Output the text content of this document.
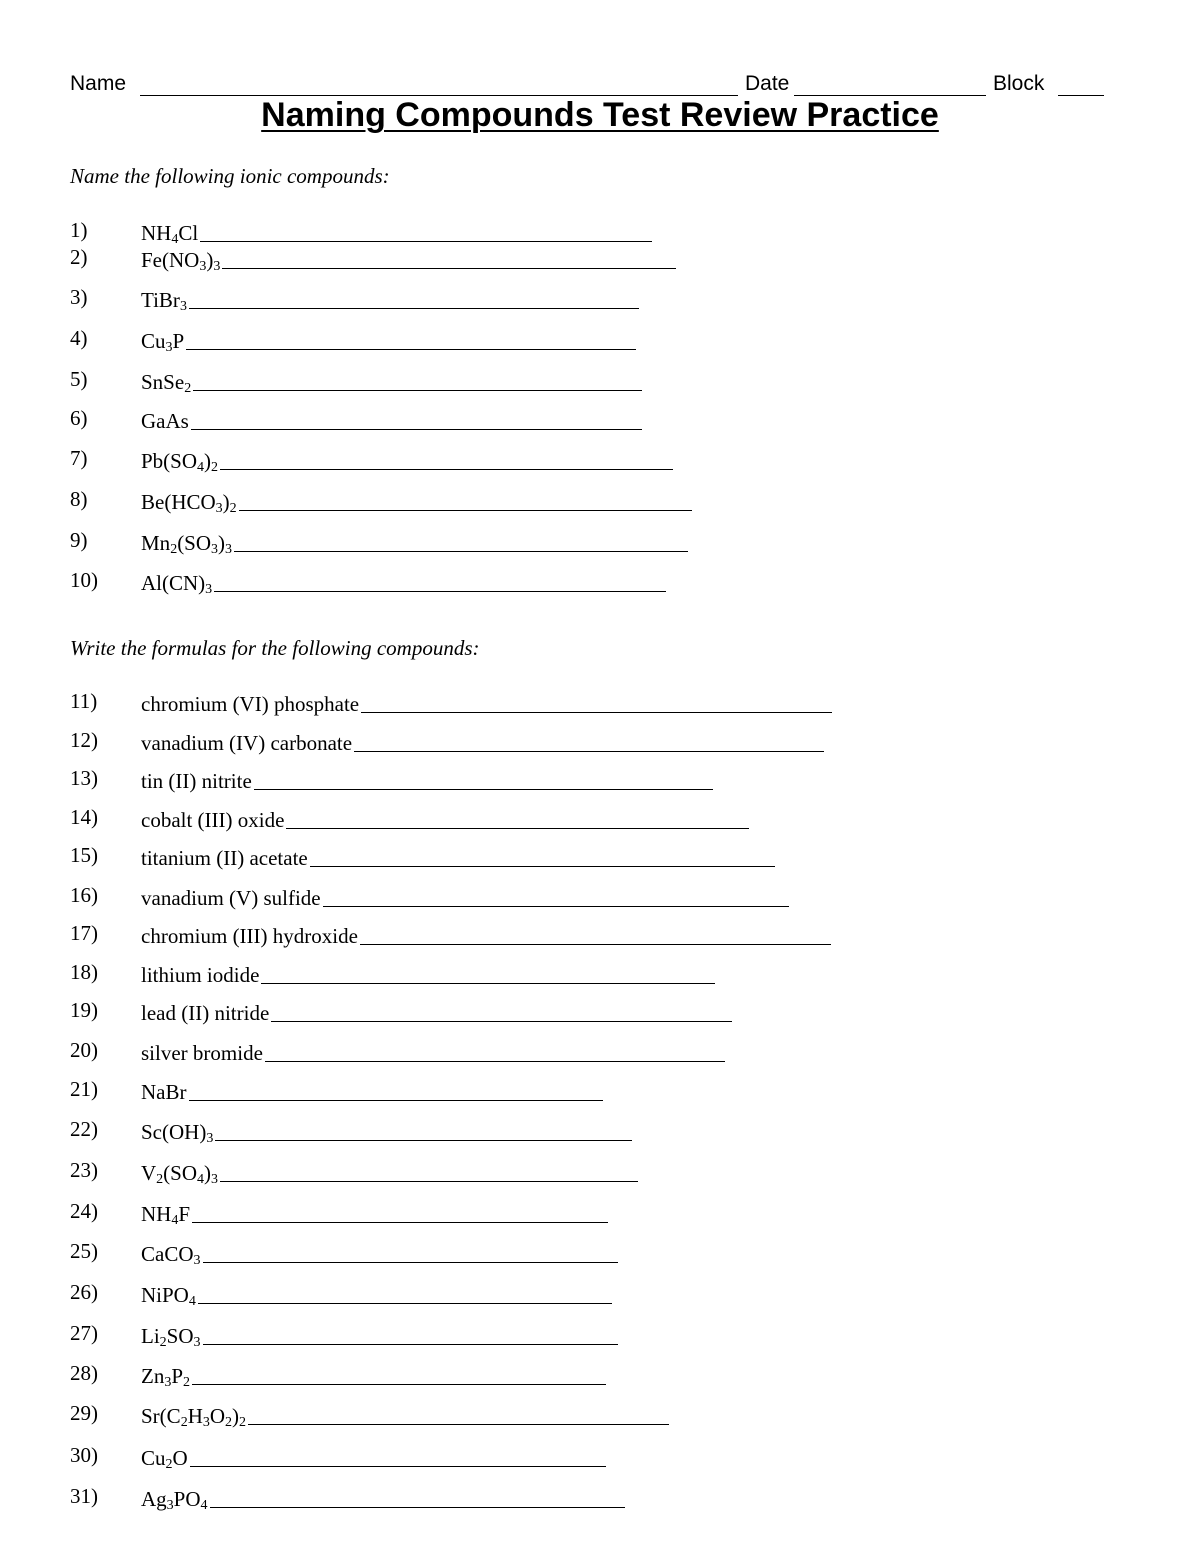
Name	Date	Block
Naming Compounds Test Review Practice
Name the following ionic compounds:
1)	$NH_4Cl$
2)	$Fe(NO_3)_3$
3)	TiBr$_3$
4)	$Cu_3P$
5)	SnSe$_2$
6)	GaAs
7)	$Pb(SO_4)_2$
8)	$Be(HCO_3)_2$
9)	$Mn_2(SO_3)_3$
10) $Al(CN)_3$
Write the formulas for the following compounds:
11) chromium (VI) phosphate
12) vanadium (IV) carbonate
13) tin (II) nitrite
14) cobalt (III) oxide
15) titanium (II) acetate
16) vanadium (V) sulfide
17) chromium (III) hydroxide
18) lithium iodide
19) lead (II) nitride
20) silver bromide
21) NaBr
22) $Sc(OH)_3$
23) $V_2(SO_4)_3$
24) $NH_4F$
25) CaCO$_3$
26) NiPO$_4$
27) $Li_2SO_3$
28) $Zn_3P_2$
29) $Sr(C_2H_3O_2)_2$
30) $Cu_2O$
31) $Ag_3PO_4$
